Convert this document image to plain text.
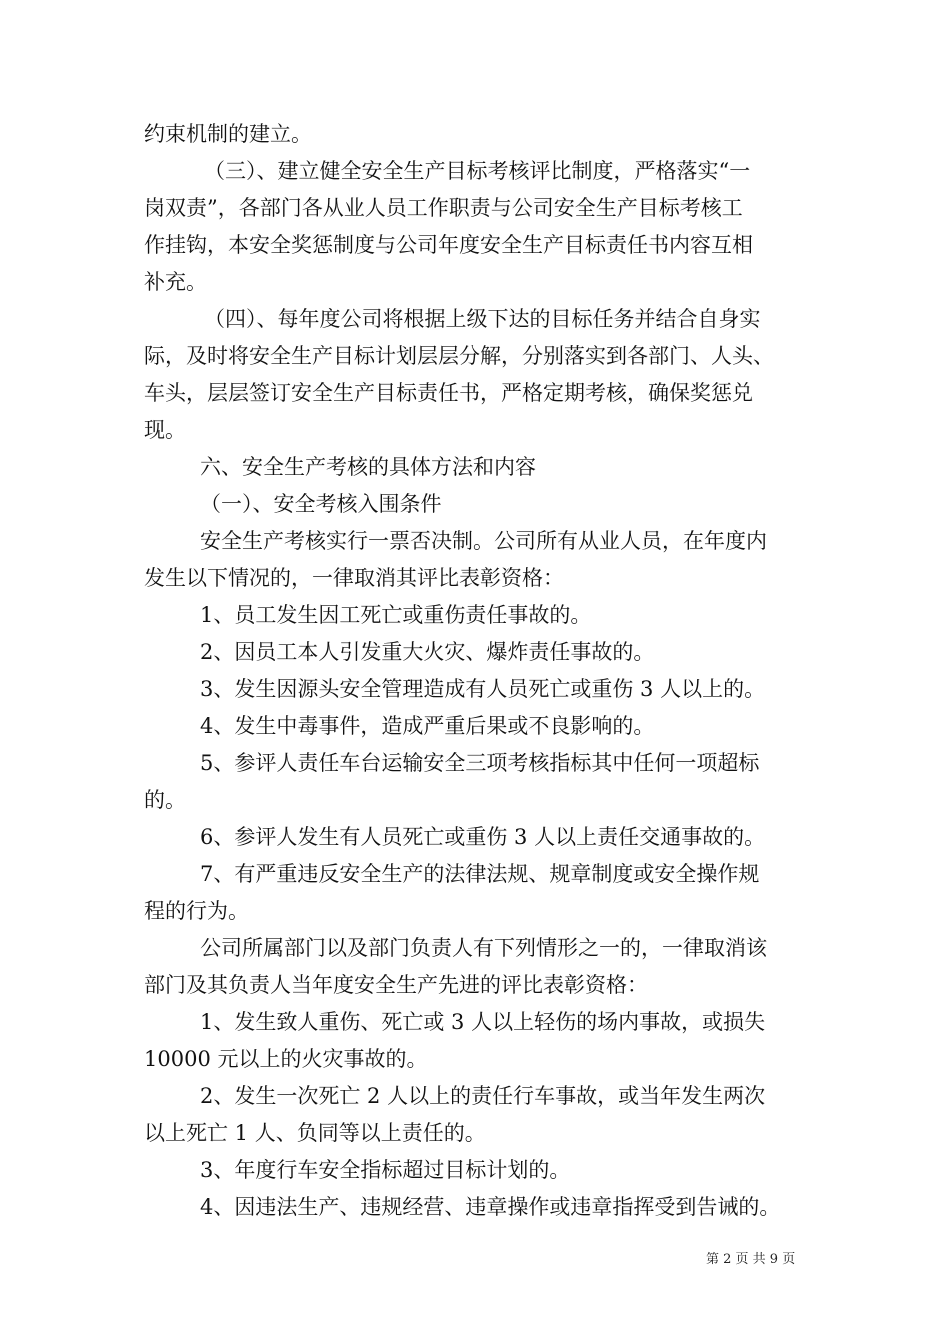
约束机制的建立。
（三）、建立健全安全生产目标考核评比制度，严格落实“一
岗双责”，各部门各从业人员工作职责与公司安全生产目标考核工
作挂钩，本安全奖惩制度与公司年度安全生产目标责任书内容互相
补充。
（四）、每年度公司将根据上级下达的目标任务并结合自身实
际，及时将安全生产目标计划层层分解，分别落实到各部门、人头、
车头，层层签订安全生产目标责任书，严格定期考核，确保奖惩兑
现。
六、安全生产考核的具体方法和内容
（一）、安全考核入围条件
安全生产考核实行一票否决制。公司所有从业人员，在年度内
发生以下情况的，一律取消其评比表彰资格：
1、员工发生因工死亡或重伤责任事故的。
2、因员工本人引发重大火灾、爆炸责任事故的。
3、发生因源头安全管理造成有人员死亡或重伤 3 人以上的。
4、发生中毒事件，造成严重后果或不良影响的。
5、参评人责任车台运输安全三项考核指标其中任何一项超标
的。
6、参评人发生有人员死亡或重伤 3 人以上责任交通事故的。
7、有严重违反安全生产的法律法规、规章制度或安全操作规
程的行为。
公司所属部门以及部门负责人有下列情形之一的，一律取消该
部门及其负责人当年度安全生产先进的评比表彰资格：
1、发生致人重伤、死亡或 3 人以上轻伤的场内事故，或损失
10000 元以上的火灾事故的。
2、发生一次死亡 2 人以上的责任行车事故，或当年发生两次
以上死亡 1 人、负同等以上责任的。
3、年度行车安全指标超过目标计划的。
4、因违法生产、违规经营、违章操作或违章指挥受到告诫的。
第 2 页 共 9 页
